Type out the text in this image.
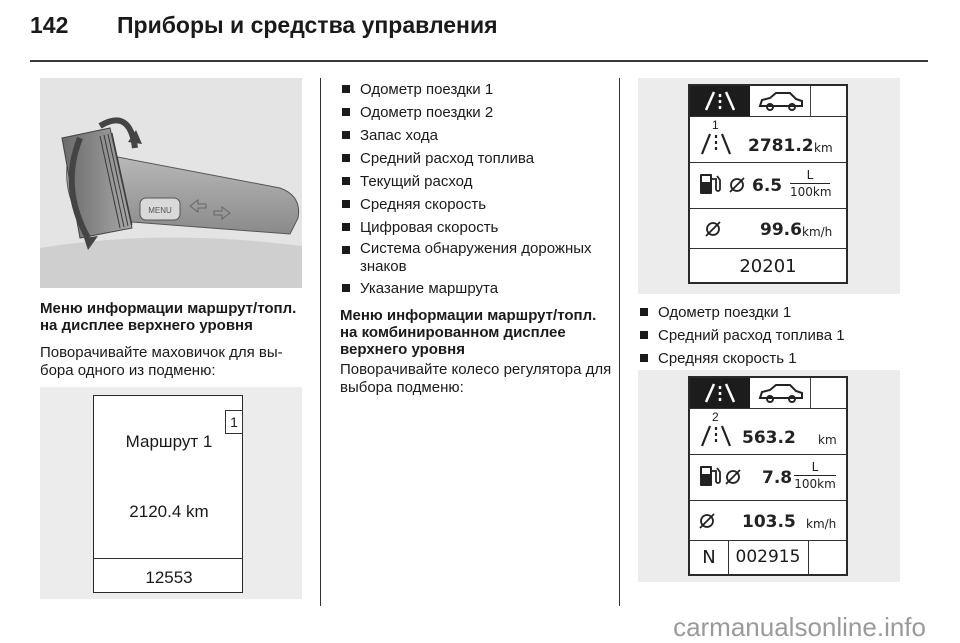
142 Приборы и средства управления
MENU
Меню информации маршрут/топл. на дисплее верхнего уровня
Поворачивайте маховичок для вы- бора одного из подменю:
1
Маршрут 1
2120.4 km
12553
Одометр поездки 1
Одометр поездки 2
Запас хода
Средний расход топлива
Текущий расход
Средняя скорость
Цифровая скорость
Система обнаружения дорожных знаков
Указание маршрута
Меню информации маршрут/топл. на комбинированном дисплее верхнего уровня
Поворачивайте колесо регулятора для выбора подменю:
1
2781.2 km
6.5
L
100km
99.6 km/h
20201
Одометр поездки 1
Средний расход топлива 1
Средняя скорость 1
2
563.2 km
7.8
L
100km
103.5 km/h
N	002915
carmanualsonline.info
